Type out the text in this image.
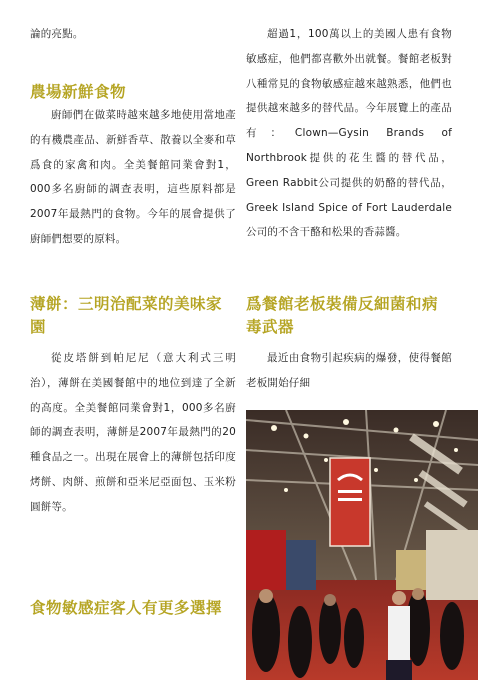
論的亮點。

農場新鮮食物

廚師們在做菜時越來越多地使用當地產的有機農產品、新鮮香草、散養以全麥和草爲食的家禽和肉。全美餐館同業會對1，000多名廚師的調查表明，這些原料都是2007年最熱門的食物。今年的展會提供了廚師們想要的原料。

薄餅：三明治配菜的美味家園

從皮塔餅到帕尼尼（意大利式三明治），薄餅在美國餐館中的地位到達了全新的高度。全美餐館同業會對1，000多名廚師的調查表明，薄餅是2007年最熱門的20種食品之一。出現在展會上的薄餅包括印度烤餅、肉餅、煎餅和亞米尼亞面包、玉米粉圓餅等。

食物敏感症客人有更多選擇

超過1，100萬以上的美國人患有食物敏感症，他們都喜歡外出就餐。餐館老板對八種常見的食物敏感症越來越熟悉，他們也提供越來越多的替代品。今年展覽上的產品有：Clown—Gysin Brands of Northbrook提供的花生醬的替代品，Green Rabbit公司提供的奶酪的替代品，Greek Island Spice of Fort Lauderdale公司的不含干酪和松果的香蒜醬。

爲餐館老板裝備反細菌和病毒武器

最近由食物引起疾病的爆發，使得餐館老板開始仔細
